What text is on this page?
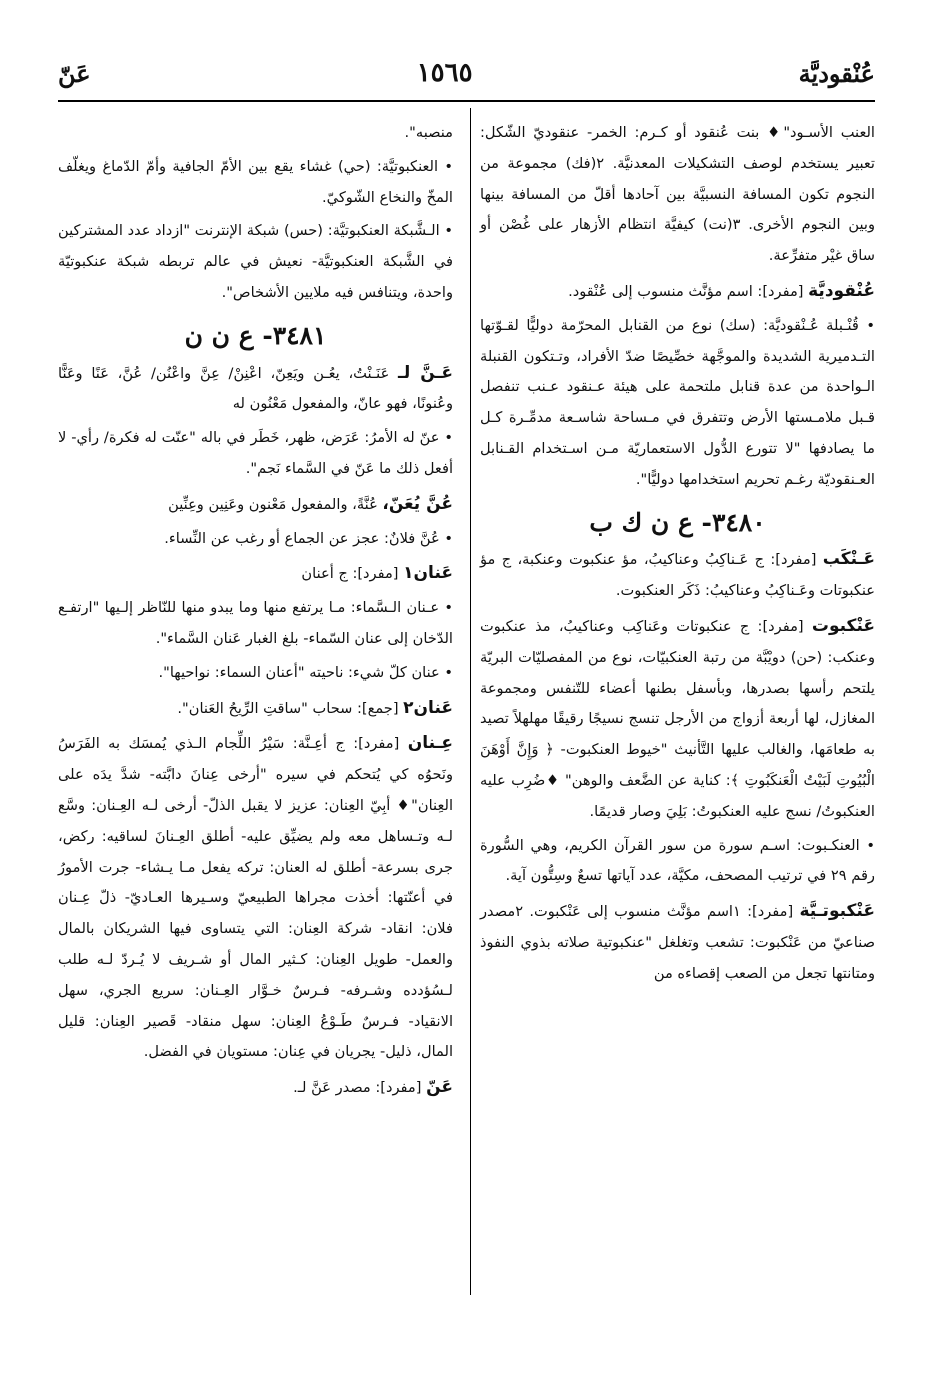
عُنْقوديَّة
١٥٦٥
عَنّ

العنب الأسـود"♦ بنت عُنقود أو كـرم: الخمر- عنقوديّ الشّكل: تعبير يستخدم لوصف التشكيلات المعدنيَّة. ٢(فك) مجموعة من النجوم تكون المسافة النسبيَّة بين آحادها أقلّ من المسافة بينها وبين النجوم الأخرى. ٣(نت) كيفيَّة انتظام الأزهار على غُصْن أو ساق غيْر متفرِّعة.

عُنْقوديَّة [مفرد]: اسم مؤنَّث منسوب إلى عُنْقود.

• قُنْـبلة عُـنْقوديَّة: (سك) نوع من القنابل المحرّمة دوليًّا لقـوّتها التـدميرية الشديدة والموجَّهة خصِّيصًا ضدّ الأفراد، وتـتكون القنبلة الـواحدة من عدة قنابل ملتحمة على هيئة عـنقود عـنب تنفصل قـبل ملامـستها الأرض وتتفرق في مـساحة شاسـعة مدمِّـرة كـل ما يصادفها "لا تتورع الدُّول الاستعماريّة مـن اسـتخدام القـنابل العـنقوديّة رغـم تحريم استخدامها دوليًّا".

٣٤٨٠- ع ن ك ب

عَـنْكَب [مفرد]: ج عَـناكِبُ وعناكيبُ، مؤ عنكبوت وعنكبة، ج مؤ عنكبوتات وعَـناكِبُ وعناكيبُ: ذَكَر العنكبوت.

عَنْكبوت [مفرد]: ج عنكبوتات وعَناكِب وعناكيبُ، مذ عنكبوت وعنكب: (حن) دويْبَّة من رتبة العنكبيّات، نوع من المفصليّات البريّة يلتحم رأسها بصدرها، وبأسفل بطنها أعضاء للتّنفس ومجموعة المغازل، لها أربعة أزواج من الأرجل تنسج نسيجًا رقيقًا مهلهلاً تصيد به طعامَها، والغالب عليها التَّأنيث "خيوط العنكبوت- ﴿ وَإِنَّ أَوْهَنَ الْبُيُوتِ لَبَيْتُ الْعَنكَبُوتِ ﴾: كناية عن الضَّعف والوهن" ♦ضُرِب عليه العنكبوتُ/ نسج عليه العنكبوتُ: بَلِيَ وصار قديمًا.

• العنكـبوت: اسـم سورة من سور القرآن الكريم، وهي السُّورة رقم ٢٩ في ترتيب المصحف، مكيَّة، عدد آياتها تسعٌ وسِتُّون آية.

عَنْكبوتـيَّة [مفرد]: ١اسم مؤنَّث منسوب إلى عَنْكبوت. ٢مصدر صناعيّ من عَنْكبوت: تشعب وتغلغل "عنكبوتية صلاته بذوي النفوذ ومتانتها تجعل من الصعب إقصاءه من

منصبه".

• العنكبوتيَّة: (حي) غشاء يقع بين الأمّ الجافية وأمّ الدّماغ ويغلّف المخّ والنخاع الشّوكيّ.

• الـشَّبكة العنكبوتيَّة: (حس) شبكة الإنترنت "ازداد عدد المشتركين في الشَّبكة العنكبوتيَّة- نعيش في عالم تربطه شبكة عنكبوتيّة واحدة، ويتنافس فيه ملايين الأشخاص".

٣٤٨١- ع ن ن

عَـنَّ لـ عَنَـنْتُ، يعُـن ويَعِنّ، اعْنِنْ/ عِنَّ واعْنُن/ عُنَّ، عَنًا وعَنًّا وعُنونًا، فهو عانّ، والمفعول مَعْنُون له

• عنّ له الأمرُ: عَرَض، ظهر، خَطَر في باله "عنّت له فكرة/ رأي- لا أفعل ذلك ما عَنّ في السَّماء نَجم".

عُنَّ يُعَنّ، عُنَّةً، والمفعول مَعْنون وعَنِين وعِنِّين

• عُنَّ فلانٌ: عجز عن الجماع أو رغب عن النِّساء.

عَنان١ [مفرد]: ج أعنان

• عـنان الـسَّماء: مـا يرتفع منها وما يبدو منها للنّاظر إلـيها "ارتفـع الدّخان إلى عنان السّماء- بلغ الغبار عَنان السَّماء".

• عنان كلّ شيء: ناحيته "أعنان السماء: نواحيها".

عَنان٢ [جمع]: سحاب "ساقتِ الرِّيحُ العَنان".

عِـنان [مفرد]: ج أعِـنَّة: سَيْرُ اللِّجام الـذي يُمسَك به الفَرَسُ ونَحوُه كي يُتحكم في سيره "أرخى عِنانَ دابَّته- شدَّ يدَه على العِنان"♦ أبِيّ العِنان: عزيز لا يقبل الذلّ- أرخى لـه العِـنان: وسَّع لـه وتـساهل معه ولم يضيِّق عليه- أطلق العِـنانَ لساقيه: ركض، جرى بسرعة- أطلق له العنان: تركه يفعل مـا يـشاء- جرت الأمورُ في أعنّتها: أخذت مجراها الطبيعيّ وسـيرها العـاديّ- ذلّ عِـنان فلان: انقاد- شركة العِنان: التي يتساوى فيها الشريكان بالمال والعمل- طويل العِنان: كـثير المال أو شـريف لا يُـردّ لـه طلب لـسُؤدده وشـرفه- فـرسٌ خـوَّار العِـنان: سريع الجري، سهل الانقياد- فـرسٌ طَـوْعُ العِنان: سهل منقاد- قَصير العِنان: قليل المال، ذليل- يجريان في عِنان: مستويان في الفضل.

عَنّ [مفرد]: مصدر عَنَّ لـ.
